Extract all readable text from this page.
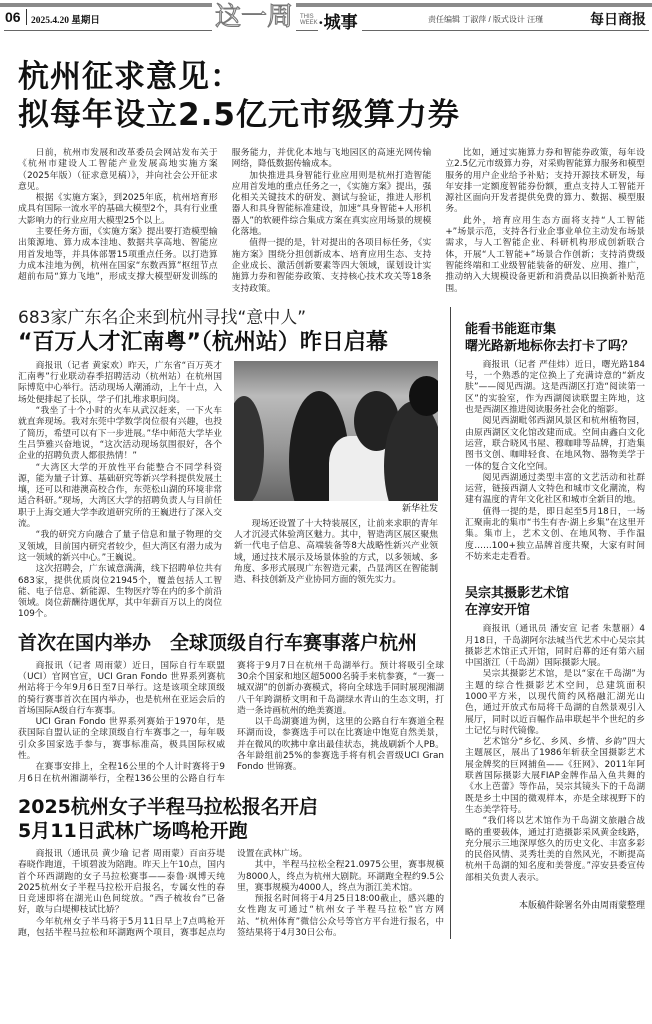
06 2025.4.20 星期日	这一周	THIS WEEK ·城事	责任编辑 丁淑萍 / 版式设计 汪瑾	每日商报
杭州征求意见：
拟每年设立2.5亿元市级算力券

日前，杭州市发展和改革委员会网站发布关于《杭州市建设人工智能产业发展高地实施方案（2025年版）（征求意见稿）》，并向社会公开征求意见。

根据《实施方案》，到2025年底，杭州培育形成具有国际一流水平的基础大模型2个，具有行业重大影响力的行业应用大模型25个以上。

主要任务方面，《实施方案》提出要打造模型输出策源地、算力成本洼地、数据共享高地、智能应用首发地等，并具体部署15项重点任务。以打造算力成本洼地为例，杭州在国家“东数西算”枢纽节点超前布局“算力飞地”，形成支撑大模型研发训练的服务能力，并优化本地与飞地园区的高速光网传输网络，降低数据传输成本。

加快推进具身智能行业应用则是杭州打造智能应用首发地的重点任务之一，《实施方案》提出，强化相关关键技术的研发、测试与验证，推进人形机器人和具身智能标准建设，加速“具身智能+人形机器人”的软硬件综合集成方案在真实应用场景的规模化落地。

值得一提的是，针对提出的各项目标任务，《实施方案》围绕分担创新成本、培育应用生态、支持企业成长、激活创新要素等四大领域，谋划设计实施算力券和智能券政策、支持核心技术攻关等18条支持政策。

比如，通过实施算力券和智能券政策，每年设立2.5亿元市级算力券，对采购智能算力服务和模型服务的用户企业给予补贴；支持开源技术研发，每年安排一定额度智能券份额，重点支持人工智能开源社区面向开发者提供免费的算力、数据、模型服务。

此外，培育应用生态方面将支持“人工智能+”场景示范，支持各行业企事业单位主动发布场景需求，与人工智能企业、科研机构形成创新联合体，开展“人工智能+”场景合作创新；支持消费级智能终端和工业级智能装备的研发、应用、推广，推动纳入大规模设备更新和消费品以旧换新补贴范围。

683家广东名企来到杭州寻找“意中人”
“百万人才汇南粤”（杭州站）昨日启幕

商报讯（记者 黄家欢）昨天，广东省“百万英才汇南粤”行业联动春季招聘活动（杭州站）在杭州国际博览中心举行。活动现场人潮涌动，上午十点，入场处便排起了长队，学子们扎堆求职问岗。

“我坐了十个小时的火车从武汉赶来，一下火车就直奔现场。我对东莞中学数学岗位很有兴趣，也投了简历，希望可以有下一步进展。”华中师范大学毕业生吕笋雅兴奋地说，“这次活动现场氛围很好，各个企业的招聘负责人都很热情！”

“大湾区大学的开放性平台能整合不同学科资源，能为量子计算、基础研究等新兴学科提供发展土壤，还可以和港澳高校合作，东莞松山湖的环境非常适合科研。”现场，大湾区大学的招聘负责人与目前任职于上海交通大学李政道研究所的王巍进行了深入交流。

“我的研究方向融合了量子信息和量子物理的交叉领域，目前国内研究者较少，但大湾区有潜力成为这一领域的新兴中心。”王巍说。

这次招聘会，广东诚意满满，线下招聘单位共有683家，提供优质岗位21945个，覆盖包括人工智能、电子信息、新能源、生物医疗等在内的多个前沿领域。岗位薪酬待遇优厚，其中年薪百万以上的岗位109个。

新华社发

现场还设置了十大特装展区，让前来求职的青年人才沉浸式体验湾区魅力。其中，智造湾区展区聚焦新一代电子信息、高端装备等8大战略性新兴产业领域，通过技术展示及场景体验的方式，以多领域、多角度、多形式展现广东智造元素，凸显湾区在智能制造、科技创新及产业协同方面的领先实力。

首次在国内举办　全球顶级自行车赛事落户杭州

商报讯（记者 周雨蒙）近日，国际自行车联盟（UCI）官网官宣，UCI Gran Fondo 世界系列赛杭州站将于今年9月6日至7日举行。这是该项全球顶级的骑行赛事首次在国内举办，也是杭州在亚运会后的首场国际A级自行车赛事。

UCI Gran Fondo 世界系列赛始于1970年，是获国际自盟认证的全球顶级自行车赛事之一，每年吸引众多国家选手参与，赛事标准高，极具国际权威性。

在赛事安排上，全程16公里的个人计时赛将于9月6日在杭州湘湖举行，全程136公里的公路自行车赛将于9月7日在杭州千岛湖举行。预计将吸引全球30余个国家和地区超5000名骑手来杭参赛，“一赛一城双湖”的创新办赛模式，将向全球选手同时展现湘湖八千年跨湖桥文明和千岛湖绿水青山的生态文明，打造一条诗画杭州的绝美赛道。

以千岛湖赛道为例，这里的公路自行车赛道全程环湖而设，参赛选手可以在比赛途中饱览自然美景，并在微风的吹拂中拿出最佳状态，挑战刷新个人PB。各年龄组前25%的参赛选手将有机会晋级UCI Gran Fondo 世锦赛。

2025杭州女子半程马拉松报名开启
5月11日武林广场鸣枪开跑

商报讯（通讯员 黄少瑜 记者 周雨蒙）百亩芬堤春晓作跑道，千顷碧波为陪跑。昨天上午10点，国内首个环西湖跑的女子马拉松赛事——泰鲁·飒博天纯2025杭州女子半程马拉松开启报名，专属女性的春日竞速即将在湖光山色间绽放。“西子梳妆台”已备好，敢与白堤柳枝试比娇？

今年杭州女子半马将于5月11日早上7点鸣枪开跑，包括半程马拉松和环湖跑两个项目，赛事起点均设置在武林广场。

其中，半程马拉松全程21.0975公里，赛事规模为8000人，终点为杭州大剧院。环湖跑全程约9.5公里，赛事规模为4000人，终点为浙江美术馆。

预报名时间将于4月25日18:00截止，感兴趣的女性跑友可通过“杭州女子半程马拉松”官方网站、“杭州体育”微信公众号等官方平台进行报名，中签结果将于4月30日公布。

能看书能逛市集
曙光路新地标你去打卡了吗？

商报讯（记者 严佳炜）近日，曙光路184号，一个熟悉的定位换上了充满诗意的“新皮肤”——阅见西湖。这是西湖区打造“阅读第一区”的实验室，作为西湖阅读联盟主阵地，这也是西湖区推进阅读服务社会化的缩影。

阅见西湖毗邻西湖风景区和杭州植物园，由原西湖区文化馆改建而成。空间由鑫白文化运营，联合晓风书屋、穆咖啡等品牌，打造集图书文创、咖啡轻食、在地风物、器物美学于一体的复合文化空间。

阅见西湖通过类型丰富的文艺活动和社群运营，链接西湖人文特色和城市文化潮流，构建有温度的青年文化社区和城市全新目的地。

值得一提的是，即日起至5月18日，一场汇聚南北的集市“书生有杏·湖上乡集”在这里开集。集市上，艺术文创、在地风物、手作温度……100+独立品牌首度共聚，大家有时间不妨来走走看看。

吴宗其摄影艺术馆
在淳安开馆

商报讯（通讯员 潘安宣 记者 朱慧丽）4月18日，千岛湖阿尔法城当代艺术中心吴宗其摄影艺术馆正式开馆，同时启幕的还有第六届中国浙江（千岛湖）国际摄影大展。

吴宗其摄影艺术馆，是以“家在千岛湖”为主题的综合性摄影艺术空间，总建筑面积1000平方米，以现代简约风格融汇湖光山色，通过开放式布局将千岛湖的自然景观引入展厅，同时以近百幅作品串联起半个世纪的乡土记忆与时代镜像。

艺术馆分“乡忆、乡风、乡情、乡韵”四大主题展区，展出了1986年斩获全国摄影艺术展金牌奖的巨网捕鱼——《狂网》、2011年阿联酋国际摄影大展FIAP金牌作品入鱼共舞的《水上芭蕾》等作品，吴宗其镜头下的千岛湖既是乡土中国的微观样本，亦是全球视野下的生态美学符号。

“我们将以艺术馆作为千岛湖文旅融合战略的重要载体，通过打造摄影采风黄金线路，充分展示三地深厚悠久的历史文化、丰富多彩的民俗风情、灵秀壮美的自然风光，不断提高杭州千岛湖的知名度和美誉度。”淳安县委宣传部相关负责人表示。

本版稿件除署名外由周雨蒙整理
